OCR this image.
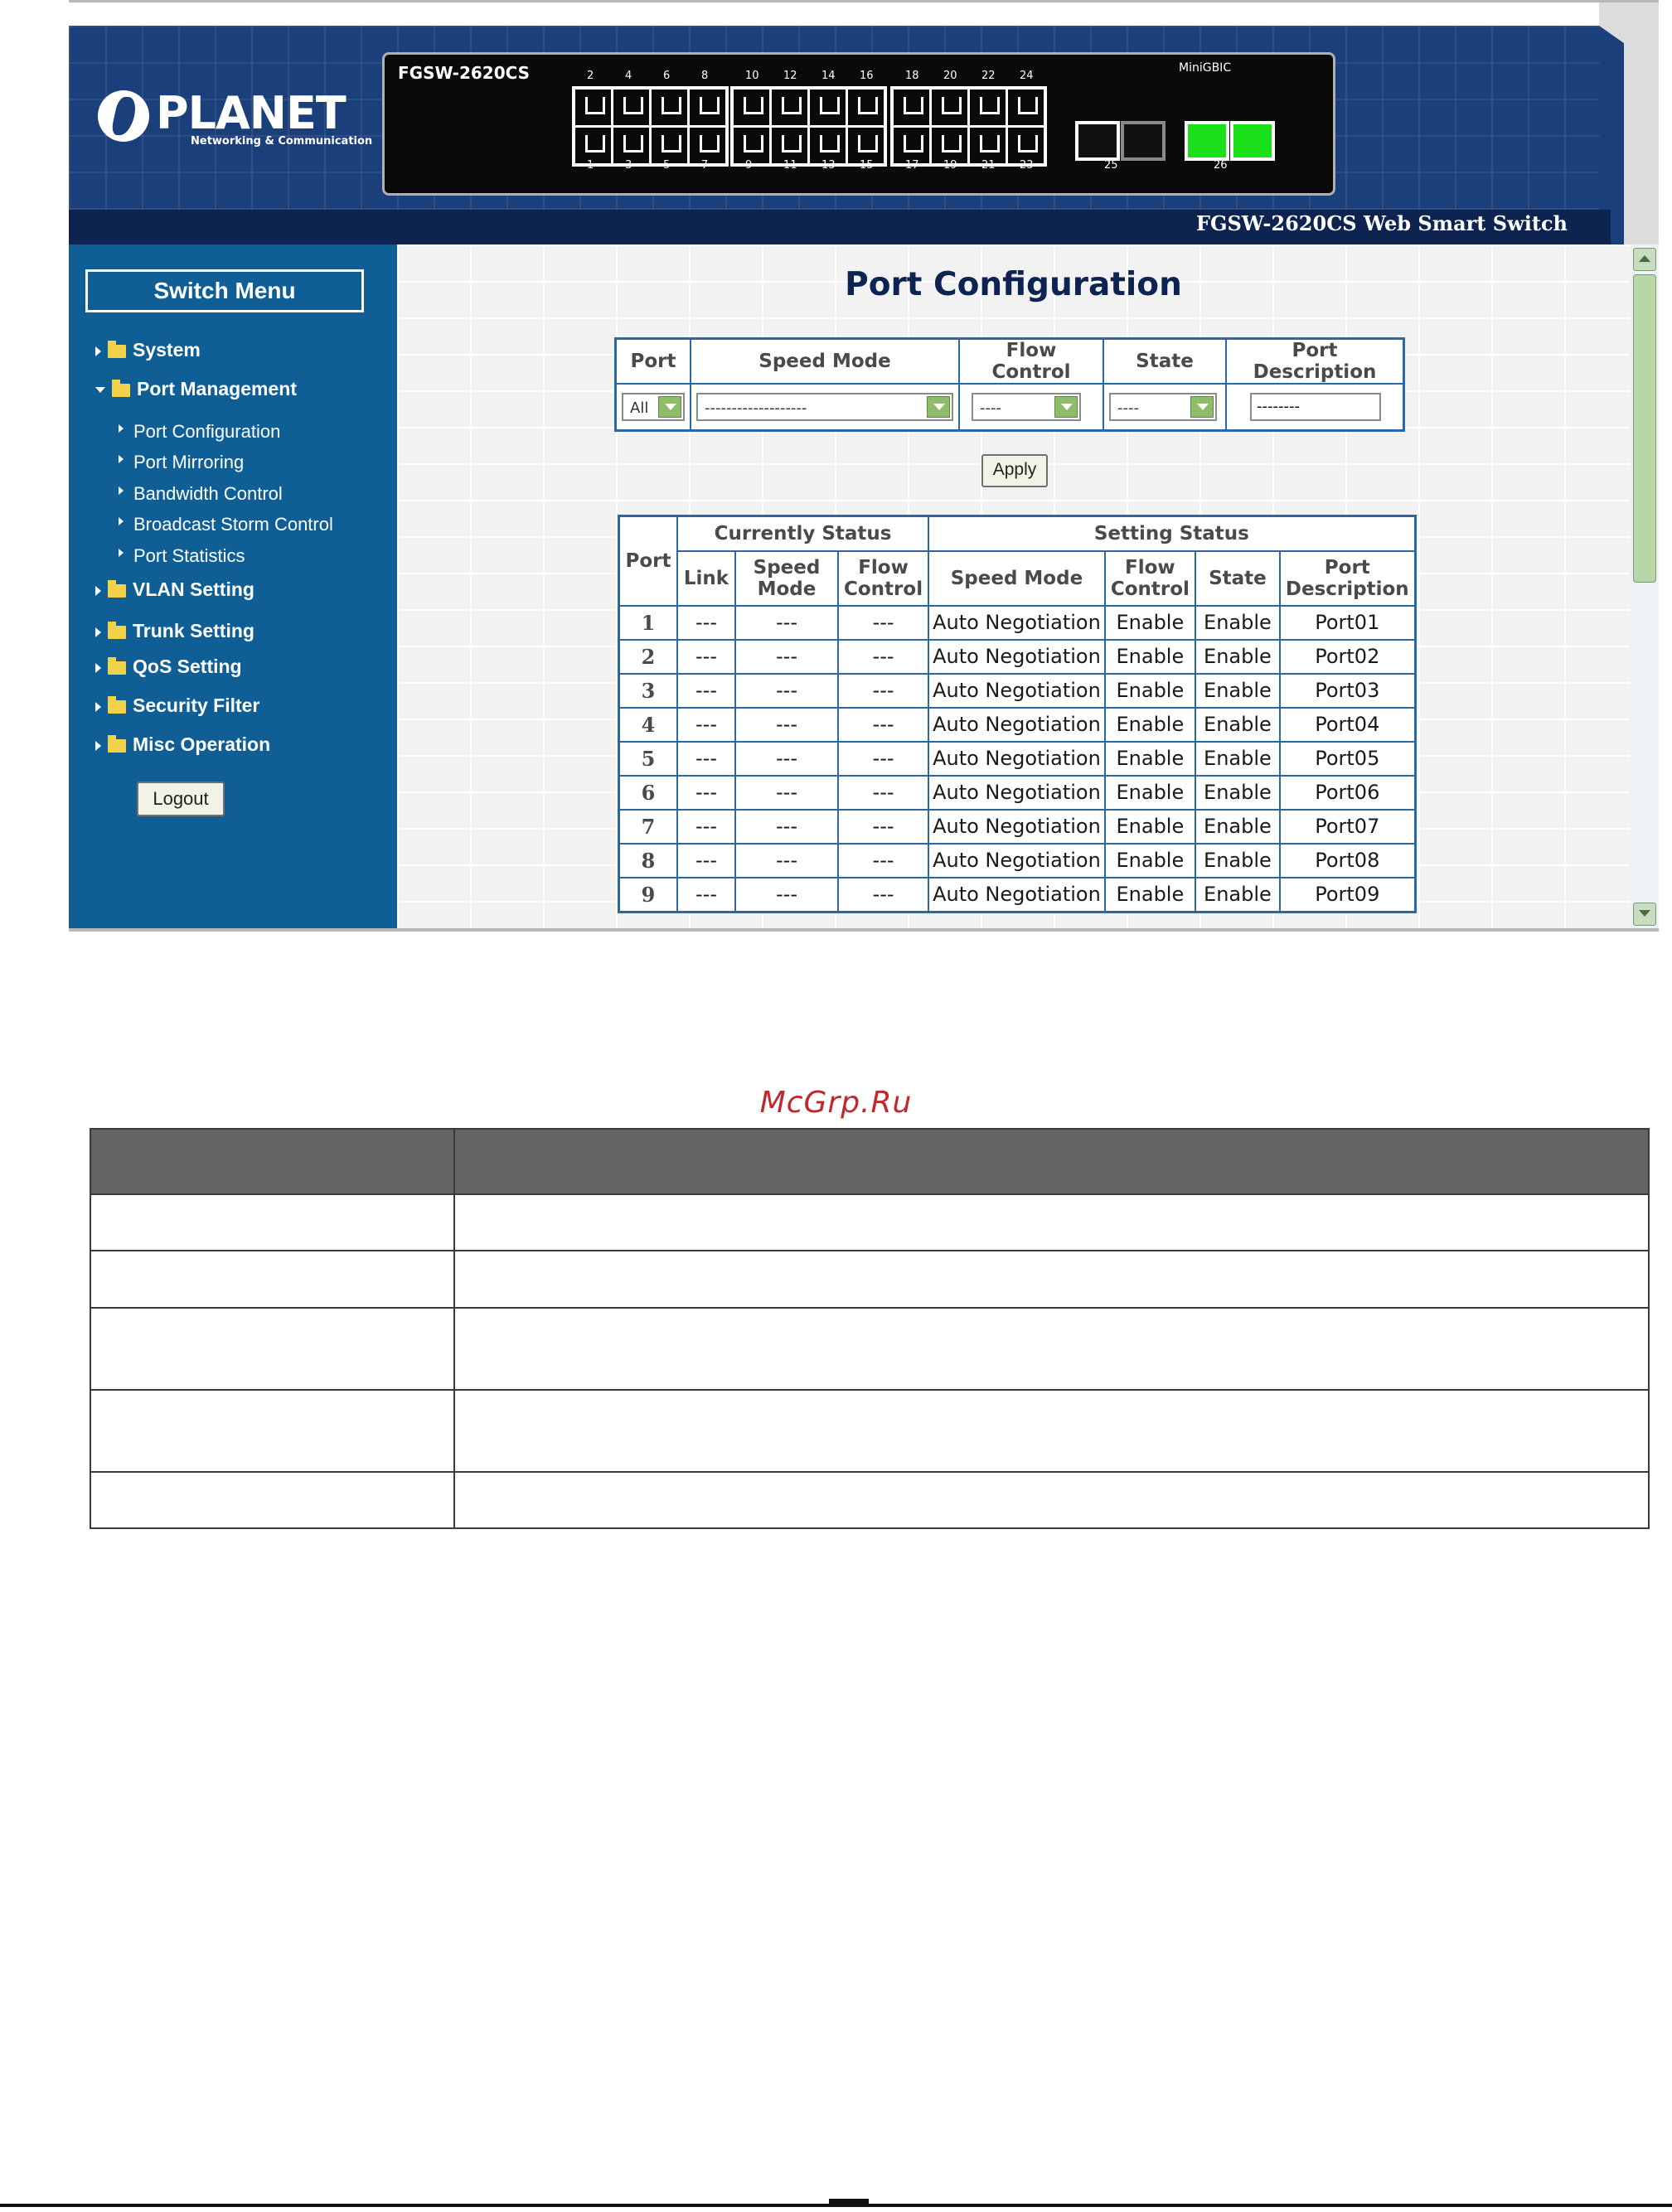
FGSW-2620CS Web Smart Switch
PLANET
Networking & Communication
FGSW-2620CS	2
1
4
3
6
5
8
7
10
9
12
11
14
13
16
15
18
17
20
19
22
21
24
23
MiniGBIC
25	26
Switch Menu
System
Port Management
Port Configuration
Port Mirroring
Bandwidth Control
Broadcast Storm Control
Port Statistics
VLAN Setting
Trunk Setting
QoS Setting
Security Filter
Misc Operation
Logout
Port Configuration
Port	Speed Mode	Flow Control	State	Port Description

All	-------------------	----	----	--------
Apply
Port	Currently Status			Setting Status			
	Link	Speed Mode	Flow Control	Speed Mode	Flow Control	State	Port Description
1	---	---	---	Auto Negotiation	Enable	Enable	Port01
2	---	---	---	Auto Negotiation	Enable	Enable	Port02
3	---	---	---	Auto Negotiation	Enable	Enable	Port03
4	---	---	---	Auto Negotiation	Enable	Enable	Port04
5	---	---	---	Auto Negotiation	Enable	Enable	Port05
6	---	---	---	Auto Negotiation	Enable	Enable	Port06
7	---	---	---	Auto Negotiation	Enable	Enable	Port07
8	---	---	---	Auto Negotiation	Enable	Enable	Port08
9	---	---	---	Auto Negotiation	Enable	Enable	Port09
McGrp.Ru
